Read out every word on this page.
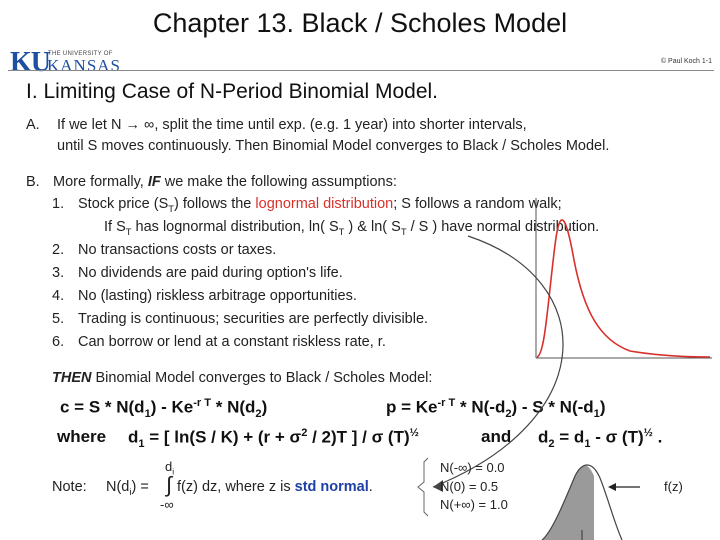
Chapter 13. Black / Scholes Model
KU
THE UNIVERSITY OF
KANSAS	© Paul Koch 1-1
I. Limiting Case of N-Period Binomial Model.
A. If we let N → ∞, split the time until exp. (e.g. 1 year) into shorter intervals,
until S moves continuously. Then Binomial Model converges to Black / Scholes Model.
B. More formally, IF we make the following assumptions:
1. Stock price $(S_T)$ follows the lognormal distribution; S follows a random walk;
If $S_T$ has lognormal distribution, ln( $S_T$ ) & ln( $S_T$ / S ) have normal distribution.
2. No transactions costs or taxes.
3. No dividends are paid during option's life.
4. No (lasting) riskless arbitrage opportunities.
5. Trading is continuous; securities are perfectly divisible.
6. Can borrow or lend at a constant riskless rate, r.
THEN Binomial Model converges to Black / Scholes Model:
$c = S * N(d_1) - Ke^{-r T} * N(d_2)$	$p = Ke^{-r T} * N(-d_2) - S * N(-d_1)$
where $d_1$ = [ $\ln(S / K) + (r + \sigma^2 / 2)T$ ] / σ $(T)^{\frac{1}{2}}$	and $d_2 = d_1 - \sigma$ $(T)^{\frac{1}{2}}$ .
Note: $N(d_i)$ =
$d_i$
∫ f(z) dz, where z is std normal.
-∞
N(-∞) = 0.0
N(0) = 0.5
N(+∞) = 1.0
f(z)
